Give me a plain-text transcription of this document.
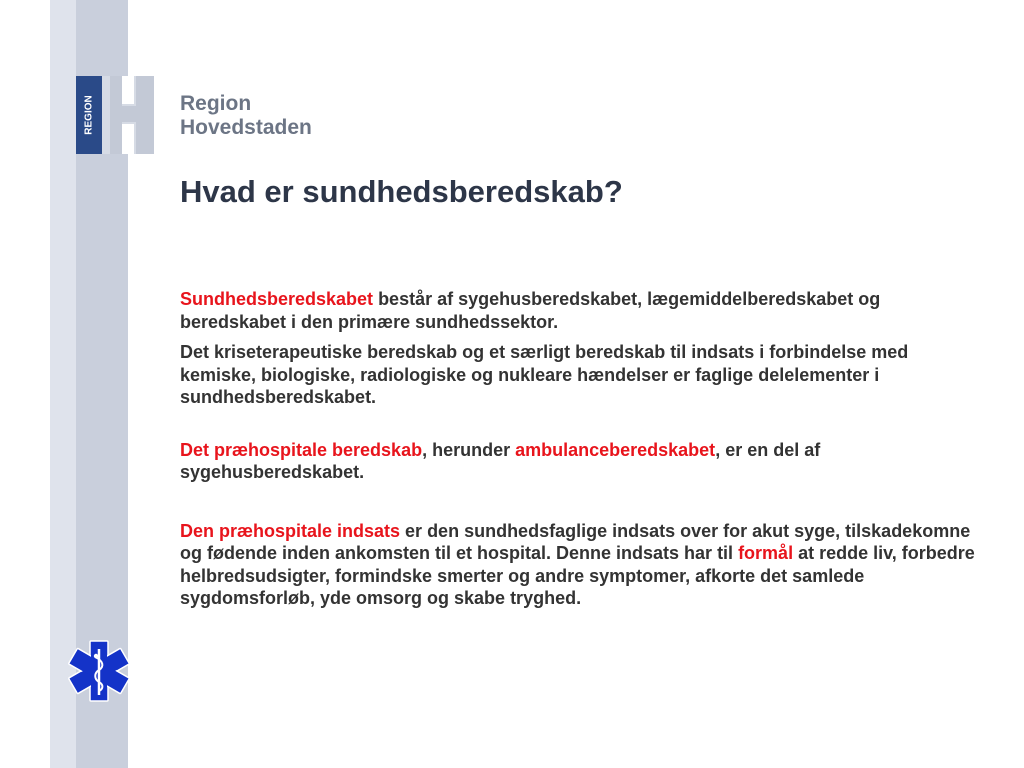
REGION	Region
Hovedstaden
Hvad er sundhedsberedskab?

Sundhedsberedskabet består af sygehusberedskabet, lægemiddelberedskabet og beredskabet i den primære sundhedssektor.

Det kriseterapeutiske beredskab og et særligt beredskab til indsats i forbindelse med kemiske, biologiske, radiologiske og nukleare hændelser er faglige delelementer i sundhedsberedskabet.

Det præhospitale beredskab, herunder ambulanceberedskabet, er en del af sygehusberedskabet.

Den præhospitale indsats er den sundhedsfaglige indsats over for akut syge, tilskadekomne og fødende inden ankomsten til et hospital. Denne indsats har til formål at redde liv, forbedre helbredsudsigter, formindske smerter og andre symptomer, afkorte det samlede sygdomsforløb, yde omsorg og skabe tryghed.
